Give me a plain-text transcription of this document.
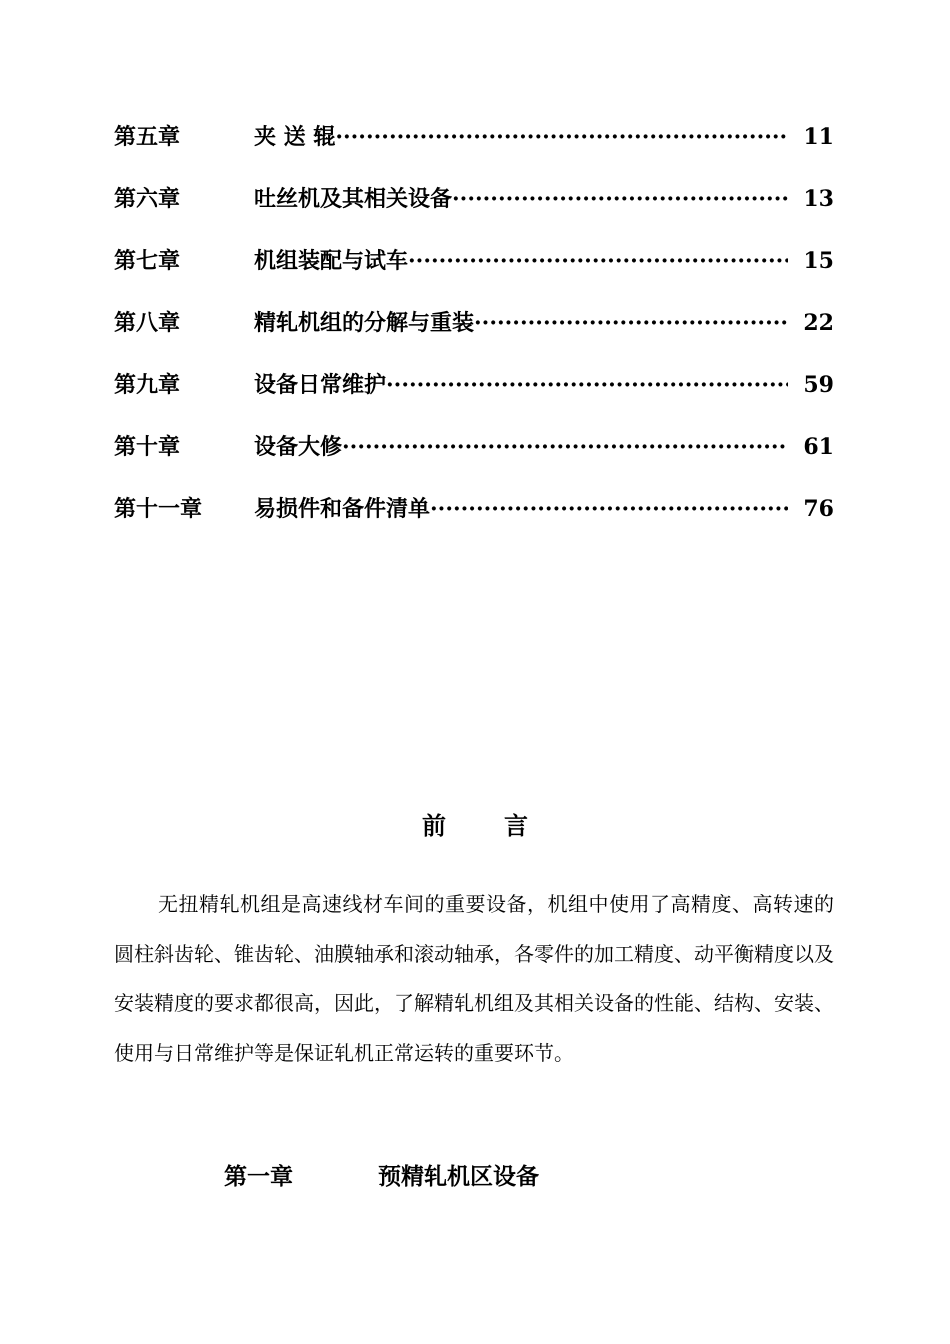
第五章	夹 送 辊 ·····	11
第六章	吐丝机及其相关设备 ·····	13
第七章	机组装配与试车 ·····	15
第八章	精轧机组的分解与重装 ·····	22
第九章	设备日常维护 ·····	59
第十章	设备大修 ·····	61
第十一章	易损件和备件清单 ·····	76
前 言

无扭精轧机组是高速线材车间的重要设备，机组中使用了高精度、高转速的圆柱斜齿轮、锥齿轮、油膜轴承和滚动轴承，各零件的加工精度、动平衡精度以及安装精度的要求都很高，因此，了解精轧机组及其相关设备的性能、结构、安装、使用与日常维护等是保证轧机正常运转的重要环节。

第一章	预精轧机区设备
